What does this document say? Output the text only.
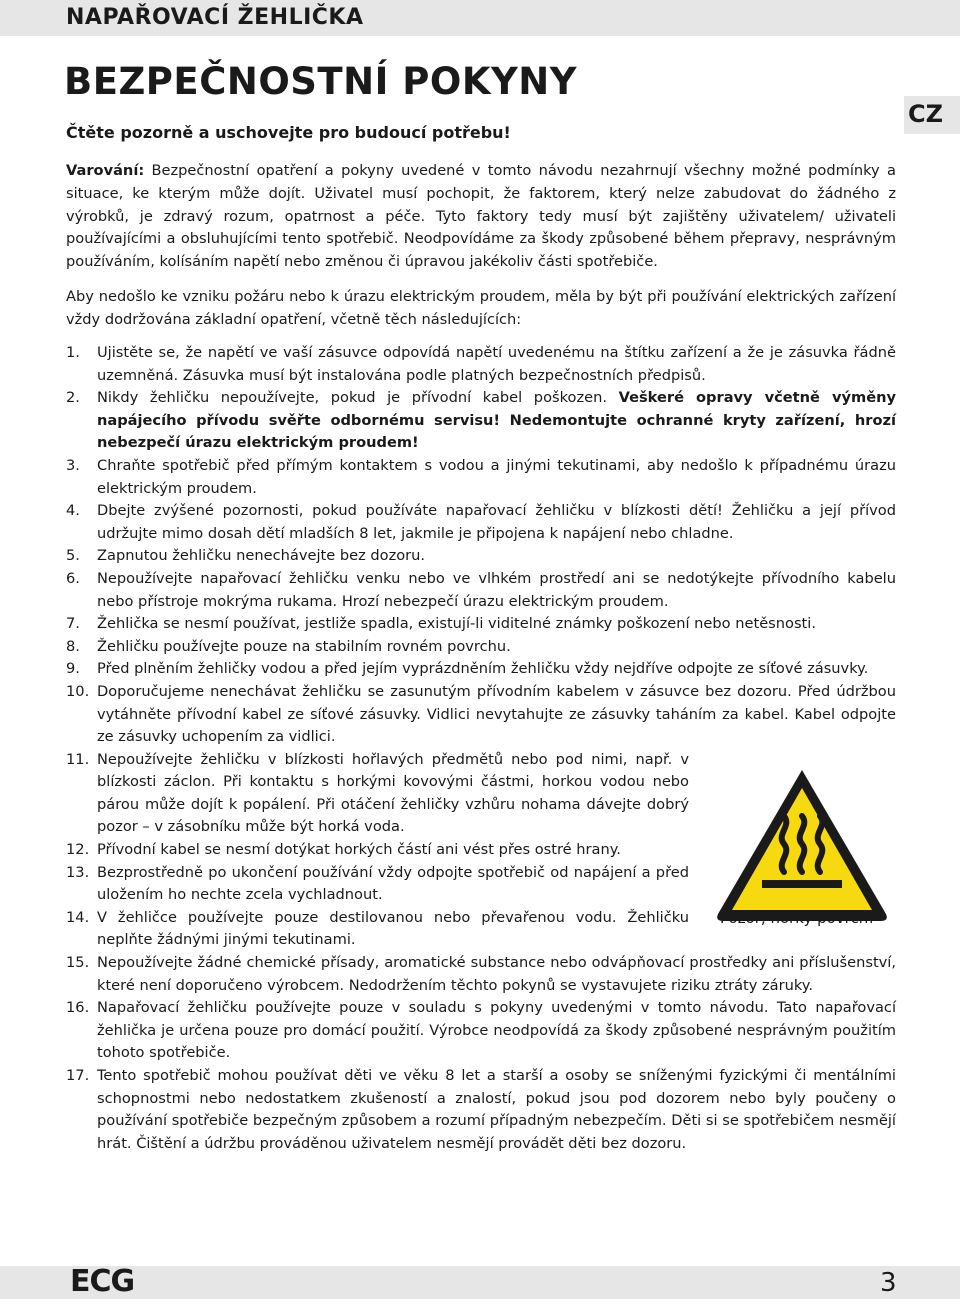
NAPAŘOVACÍ ŽEHLIČKA
BEZPEČNOSTNÍ POKYNY
CZ
Čtěte pozorně a uschovejte pro budoucí potřebu!

Varování: Bezpečnostní opatření a pokyny uvedené v tomto návodu nezahrnují všechny možné podmínky a situace, ke kterým může dojít. Uživatel musí pochopit, že faktorem, který nelze zabudovat do žádného z výrobků, je zdravý rozum, opatrnost a péče. Tyto faktory tedy musí být zajištěny uživatelem/ uživateli používajícími a obsluhujícími tento spotřebič. Neodpovídáme za škody způsobené během přepravy, nesprávným používáním, kolísáním napětí nebo změnou či úpravou jakékoliv části spotřebiče.

Aby nedošlo ke vzniku požáru nebo k úrazu elektrickým proudem, měla by být při používání elektrických zařízení vždy dodržována základní opatření, včetně těch následujících:

1. Ujistěte se, že napětí ve vaší zásuvce odpovídá napětí uvedenému na štítku zařízení a že je zásuvka řádně uzemněná. Zásuvka musí být instalována podle platných bezpečnostních předpisů.
2. Nikdy žehličku nepoužívejte, pokud je přívodní kabel poškozen. Veškeré opravy včetně výměny napájecího přívodu svěřte odbornému servisu! Nedemontujte ochranné kryty zařízení, hrozí nebezpečí úrazu elektrickým proudem!
3. Chraňte spotřebič před přímým kontaktem s vodou a jinými tekutinami, aby nedošlo k případnému úrazu elektrickým proudem.
4. Dbejte zvýšené pozornosti, pokud používáte napařovací žehličku v blízkosti dětí! Žehličku a její přívod udržujte mimo dosah dětí mladších 8 let, jakmile je připojena k napájení nebo chladne.
5. Zapnutou žehličku nenechávejte bez dozoru.
6. Nepoužívejte napařovací žehličku venku nebo ve vlhkém prostředí ani se nedotýkejte přívodního kabelu nebo přístroje mokrýma rukama. Hrozí nebezpečí úrazu elektrickým proudem.
7. Žehlička se nesmí používat, jestliže spadla, existují-li viditelné známky poškození nebo netěsnosti.
8. Žehličku používejte pouze na stabilním rovném povrchu.
9. Před plněním žehličky vodou a před jejím vyprázdněním žehličku vždy nejdříve odpojte ze síťové zásuvky.
10. Doporučujeme nenechávat žehličku se zasunutým přívodním kabelem v zásuvce bez dozoru. Před údržbou vytáhněte přívodní kabel ze síťové zásuvky. Vidlici nevytahujte ze zásuvky taháním za kabel. Kabel odpojte ze zásuvky uchopením za vidlici.
11. Nepoužívejte žehličku v blízkosti hořlavých předmětů nebo pod nimi, např. v blízkosti záclon. Při kontaktu s horkými kovovými částmi, horkou vodou nebo párou může dojít k popálení. Při otáčení žehličky vzhůru nohama dávejte dobrý pozor – v zásobníku může být horká voda.
12. Přívodní kabel se nesmí dotýkat horkých částí ani vést přes ostré hrany.
13. Bezprostředně po ukončení používání vždy odpojte spotřebič od napájení a před uložením ho nechte zcela vychladnout.
14. V žehličce používejte pouze destilovanou nebo převařenou vodu. Žehličku neplňte žádnými jinými tekutinami.
15. Nepoužívejte žádné chemické přísady, aromatické substance nebo odvápňovací prostředky ani příslušenství, které není doporučeno výrobcem. Nedodržením těchto pokynů se vystavujete riziku ztráty záruky.
16. Napařovací žehličku používejte pouze v souladu s pokyny uvedenými v tomto návodu. Tato napařovací žehlička je určena pouze pro domácí použití. Výrobce neodpovídá za škody způsobené nesprávným použitím tohoto spotřebiče.
17. Tento spotřebič mohou používat děti ve věku 8 let a starší a osoby se sníženými fyzickými či mentálními schopnostmi nebo nedostatkem zkušeností a znalostí, pokud jsou pod dozorem nebo byly poučeny o používání spotřebiče bezpečným způsobem a rozumí případným nebezpečím. Děti si se spotřebičem nesmějí hrát. Čištění a údržbu prováděnou uživatelem nesmějí provádět děti bez dozoru.
Pozor, horký povrch!
ECG	3
